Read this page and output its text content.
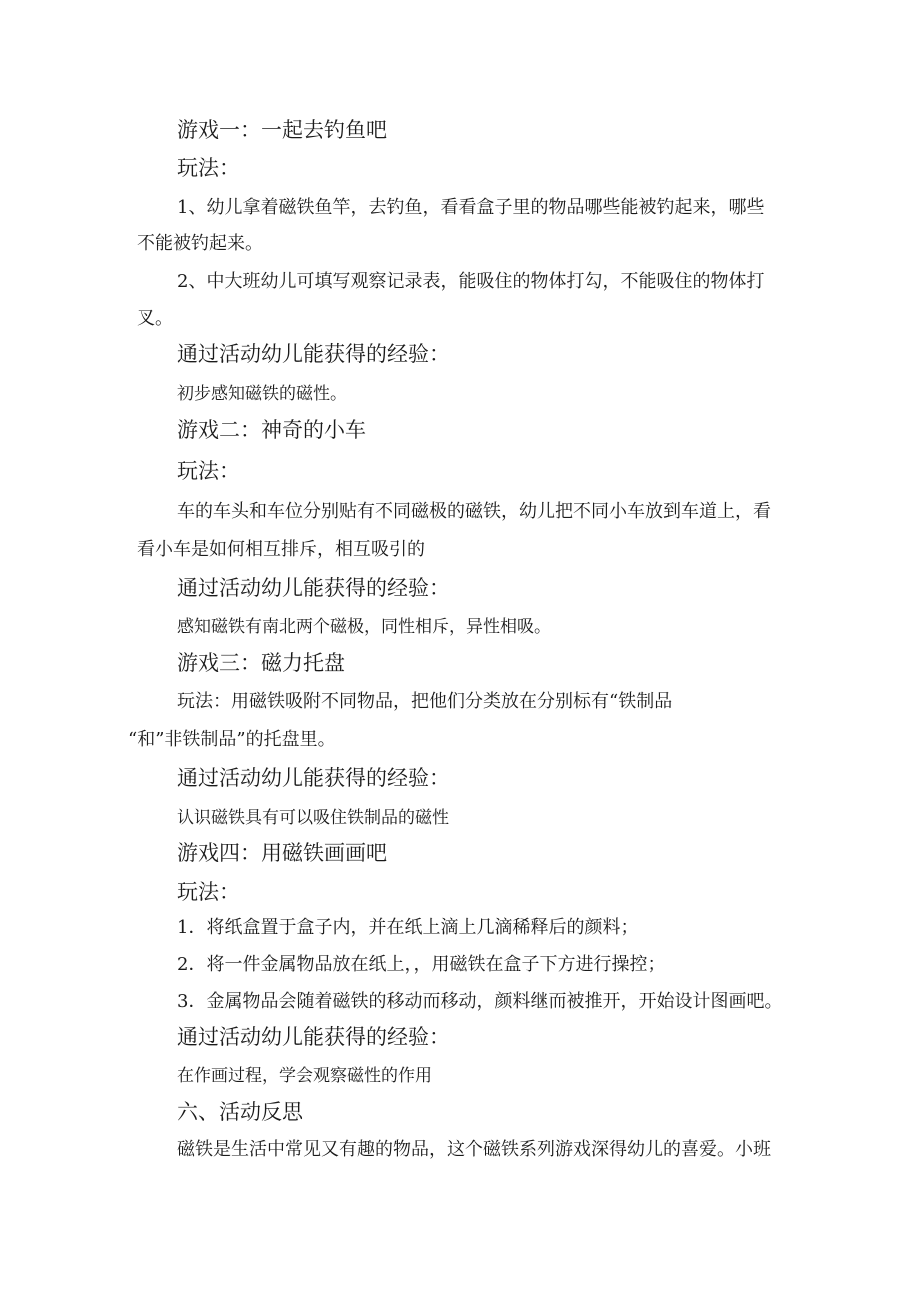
游戏一：一起去钓鱼吧
玩法：
1、幼儿拿着磁铁鱼竿，去钓鱼，看看盒子里的物品哪些能被钓起来，哪些
不能被钓起来。
2、中大班幼儿可填写观察记录表，能吸住的物体打勾，不能吸住的物体打
叉。
通过活动幼儿能获得的经验：
初步感知磁铁的磁性。
游戏二：神奇的小车
玩法：
车的车头和车位分别贴有不同磁极的磁铁，幼儿把不同小车放到车道上，看
看小车是如何相互排斥，相互吸引的
通过活动幼儿能获得的经验：
感知磁铁有南北两个磁极，同性相斥，异性相吸。
游戏三：磁力托盘
玩法：用磁铁吸附不同物品，把他们分类放在分别标有“铁制品
“和”非铁制品”的托盘里。
通过活动幼儿能获得的经验：
认识磁铁具有可以吸住铁制品的磁性
游戏四：用磁铁画画吧
玩法：
1．将纸盒置于盒子内，并在纸上滴上几滴稀释后的颜料；
2．将一件金属物品放在纸上，，用磁铁在盒子下方进行操控；
3．金属物品会随着磁铁的移动而移动，颜料继而被推开，开始设计图画吧。
通过活动幼儿能获得的经验：
在作画过程，学会观察磁性的作用
六、活动反思
磁铁是生活中常见又有趣的物品，这个磁铁系列游戏深得幼儿的喜爱。小班
